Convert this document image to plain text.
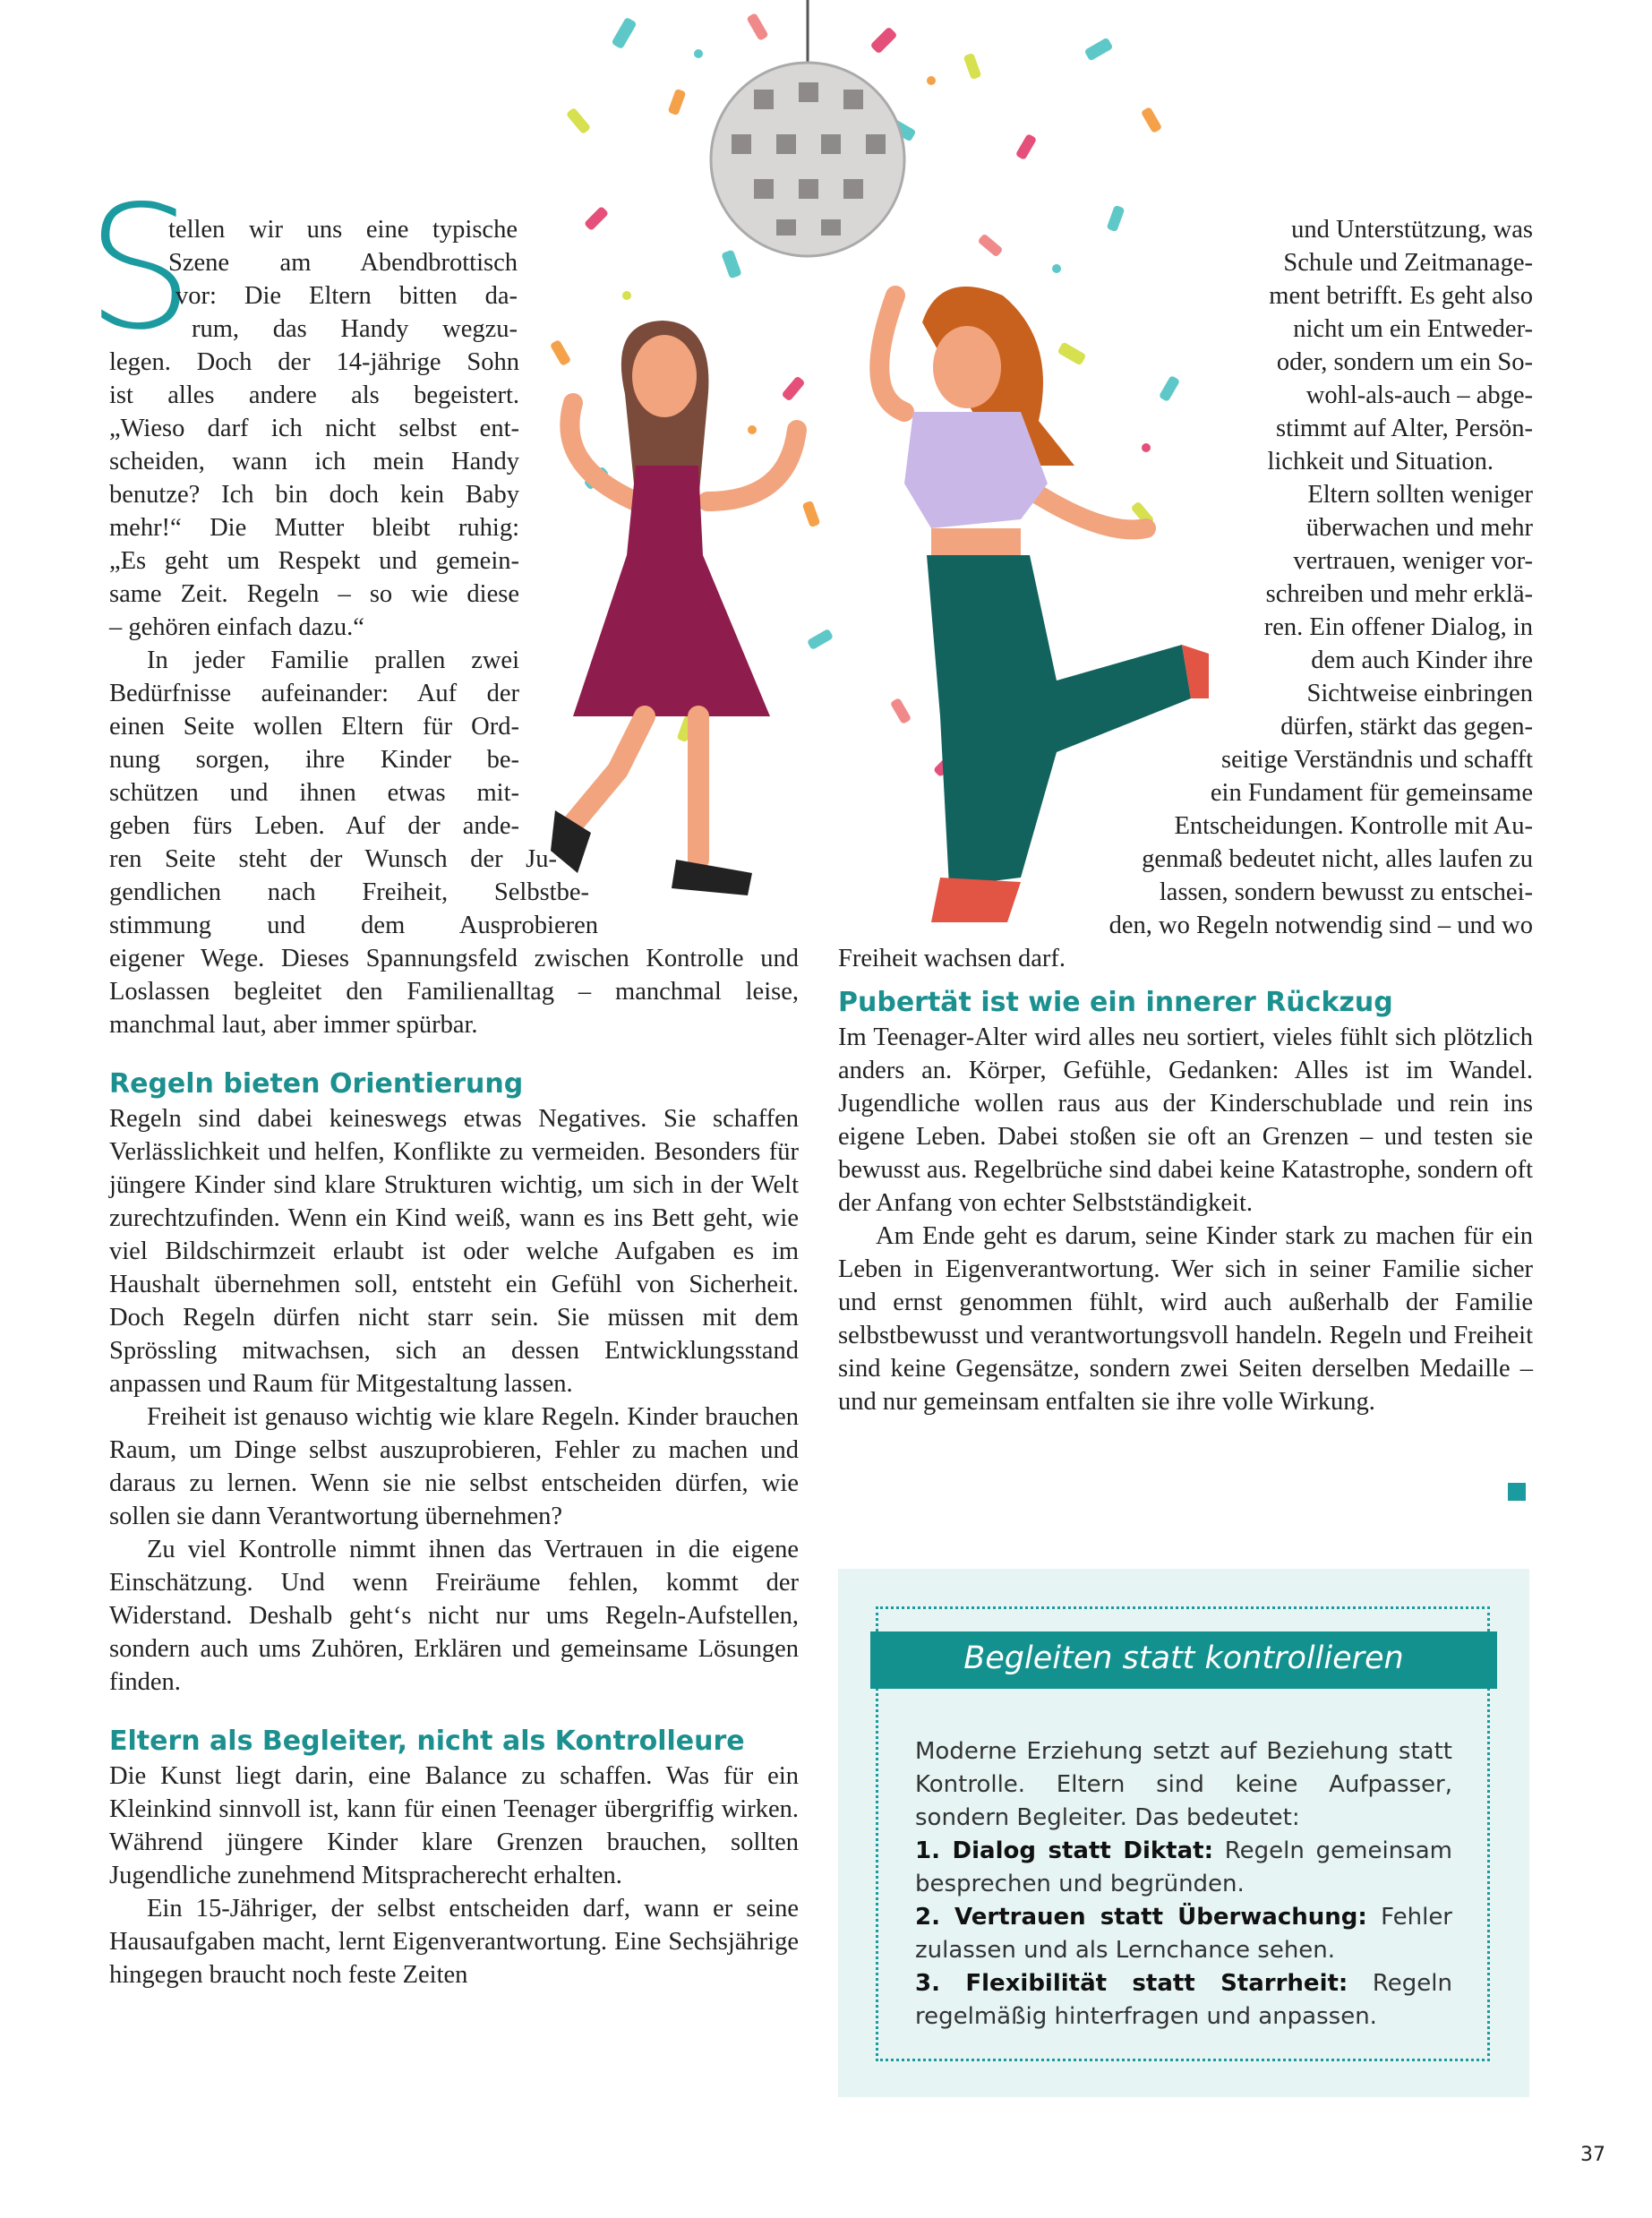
S
tellen wir uns eine typische
Szene am Abendbrottisch
vor: Die Eltern bitten da-
rum, das Handy wegzu-
legen. Doch der 14-jährige Sohn
ist alles andere als begeistert.
„Wieso darf ich nicht selbst ent-
scheiden, wann ich mein Handy
benutze? Ich bin doch kein Baby
mehr!“ Die Mutter bleibt ruhig:
„Es geht um Respekt und gemein-
same Zeit. Regeln – so wie diese
– gehören einfach dazu.“
In jeder Familie prallen zwei
Bedürfnisse aufeinander: Auf der
einen Seite wollen Eltern für Ord-
nung sorgen, ihre Kinder be-
schützen und ihnen etwas mit-
geben fürs Leben. Auf der ande-
ren Seite steht der Wunsch der Ju-
gendlichen nach Freiheit, Selbstbe-
stimmung und dem Ausprobieren

eigener Wege. Dieses Spannungsfeld zwischen Kontrolle und Loslassen begleitet den Familienalltag – manchmal leise, manchmal laut, aber immer spürbar.

Regeln bieten Orientierung

Regeln sind dabei keineswegs etwas Negatives. Sie schaffen Verlässlichkeit und helfen, Konflikte zu vermeiden. Besonders für jüngere Kinder sind klare Strukturen wichtig, um sich in der Welt zurechtzufinden. Wenn ein Kind weiß, wann es ins Bett geht, wie viel Bildschirmzeit erlaubt ist oder welche Aufgaben es im Haushalt übernehmen soll, entsteht ein Gefühl von Sicherheit. Doch Regeln dürfen nicht starr sein. Sie müssen mit dem Sprössling mitwachsen, sich an dessen Entwicklungsstand anpassen und Raum für Mitgestaltung lassen.

Freiheit ist genauso wichtig wie klare Regeln. Kinder brauchen Raum, um Dinge selbst auszuprobieren, Fehler zu machen und daraus zu lernen. Wenn sie nie selbst entscheiden dürfen, wie sollen sie dann Verantwortung übernehmen?

Zu viel Kontrolle nimmt ihnen das Vertrauen in die eigene Einschätzung. Und wenn Freiräume fehlen, kommt der Widerstand. Deshalb geht‘s nicht nur ums Regeln-Aufstellen, sondern auch ums Zuhören, Erklären und gemeinsame Lösungen finden.

Eltern als Begleiter, nicht als Kontrolleure

Die Kunst liegt darin, eine Balance zu schaffen. Was für ein Kleinkind sinnvoll ist, kann für einen Teenager übergriffig wirken. Während jüngere Kinder klare Grenzen brauchen, sollten Jugendliche zunehmend Mitspracherecht erhalten.

Ein 15-Jähriger, der selbst entscheiden darf, wann er seine Hausaufgaben macht, lernt Eigenverantwortung. Eine Sechsjährige hingegen braucht noch feste Zeiten

und Unterstützung, was
Schule und Zeitmanage-
ment betrifft. Es geht also
nicht um ein Entweder-
oder, sondern um ein So-
wohl-als-auch – abge-
stimmt auf Alter, Persön-
lichkeit und Situation.
Eltern sollten weniger
überwachen und mehr
vertrauen, weniger vor-
schreiben und mehr erklä-
ren. Ein offener Dialog, in
dem auch Kinder ihre
Sichtweise einbringen
dürfen, stärkt das gegen-
seitige Verständnis und schafft
ein Fundament für gemeinsame
Entscheidungen. Kontrolle mit Au-
genmaß bedeutet nicht, alles laufen zu
lassen, sondern bewusst zu entschei-
den, wo Regeln notwendig sind – und wo
Freiheit wachsen darf.
Pubertät ist wie ein innerer Rückzug

Im Teenager-Alter wird alles neu sortiert, vieles fühlt sich plötzlich anders an. Körper, Gefühle, Gedanken: Alles ist im Wandel. Jugendliche wollen raus aus der Kinderschublade und rein ins eigene Leben. Dabei stoßen sie oft an Grenzen – und testen sie bewusst aus. Regelbrüche sind dabei keine Katastrophe, sondern oft der Anfang von echter Selbstständigkeit.

Am Ende geht es darum, seine Kinder stark zu machen für ein Leben in Eigenverantwortung. Wer sich in seiner Familie sicher und ernst genommen fühlt, wird auch außerhalb der Familie selbstbewusst und verantwortungsvoll handeln. Regeln und Freiheit sind keine Gegensätze, sondern zwei Seiten derselben Medaille – und nur gemeinsam entfalten sie ihre volle Wirkung.

Begleiten statt kontrollieren

Moderne Erziehung setzt auf Beziehung statt Kontrolle. Eltern sind keine Aufpasser, sondern Begleiter. Das bedeutet:

1. Dialog statt Diktat: Regeln gemeinsam besprechen und begründen.

2. Vertrauen statt Überwachung: Fehler zulassen und als Lernchance sehen.

3. Flexibilität statt Starrheit: Regeln regelmäßig hinterfragen und anpassen.

37
